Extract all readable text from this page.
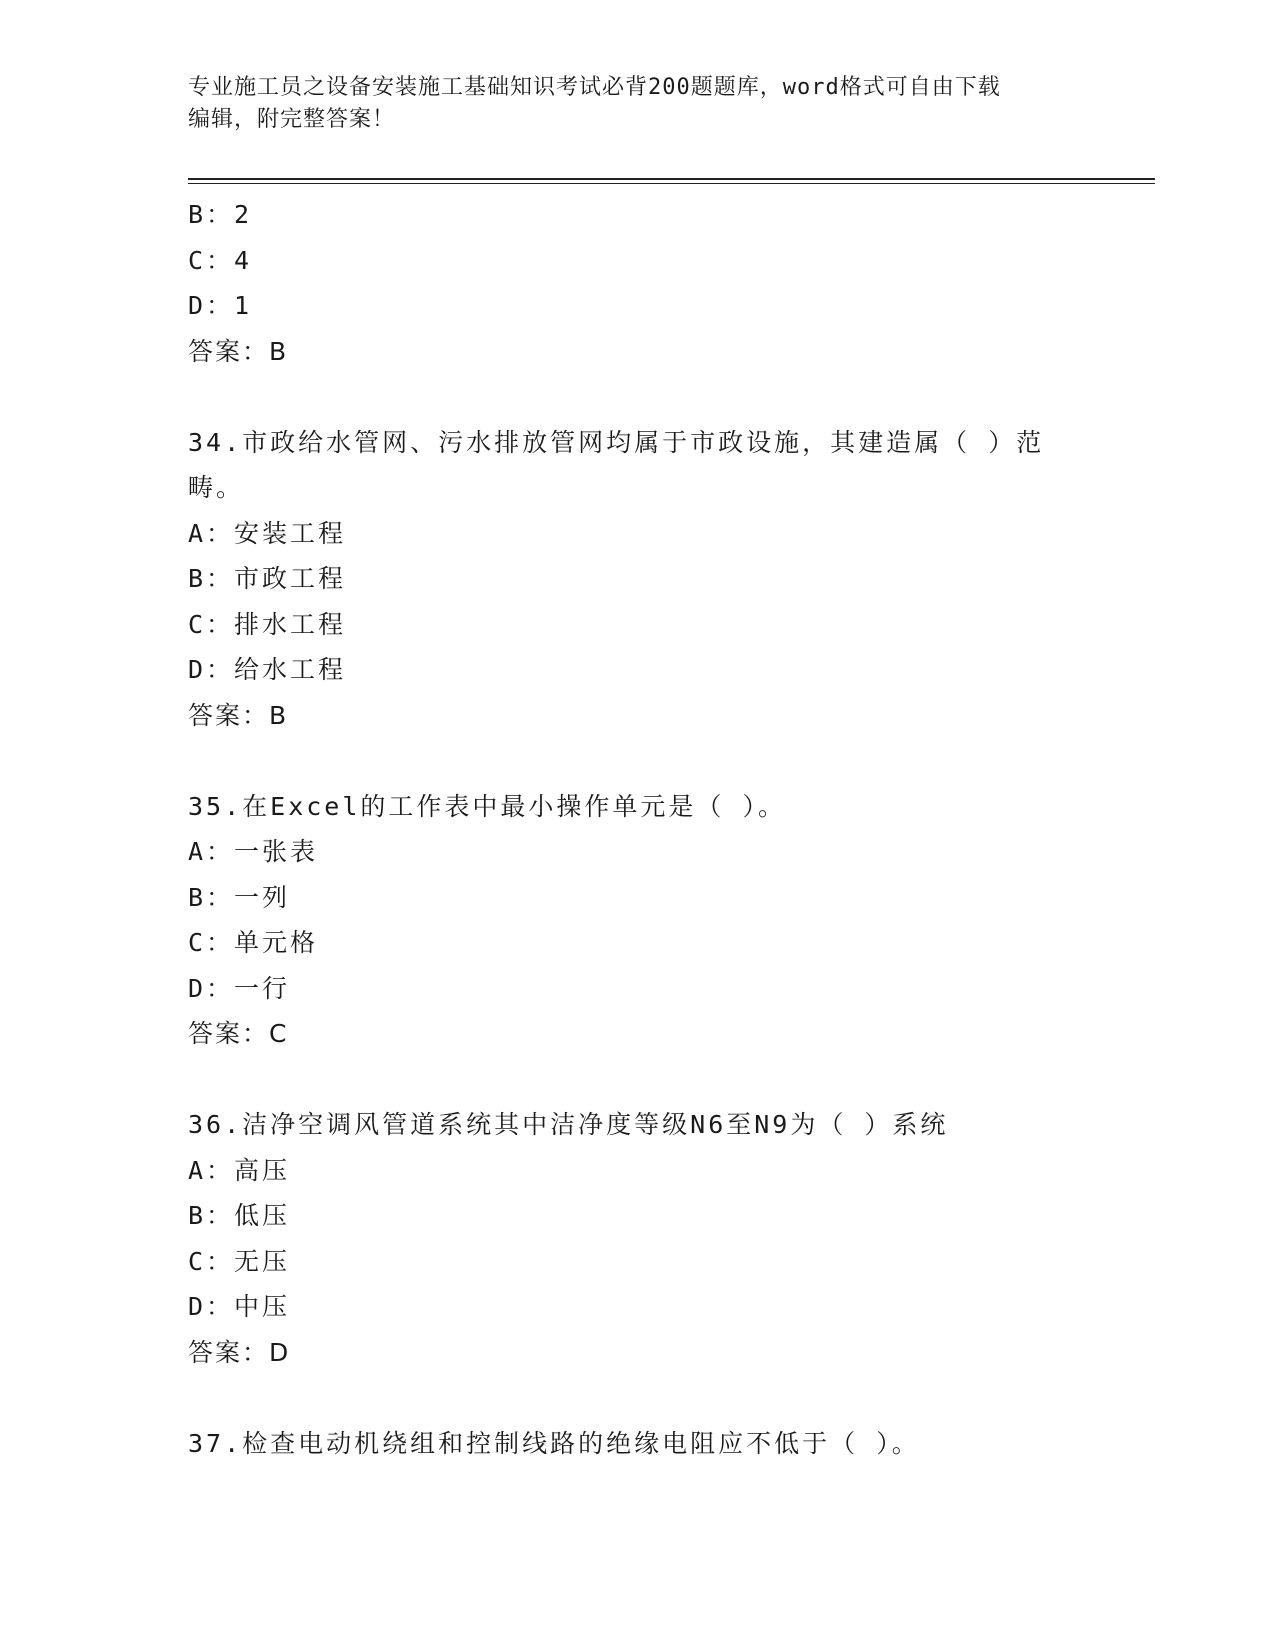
专业施工员之设备安装施工基础知识考试必背200题题库，word格式可自由下载
编辑，附完整答案！
B：2
C：4
D：1
答案：B
34.市政给水管网、污水排放管网均属于市政设施，其建造属（ ）范
畴。
A：安装工程
B：市政工程
C：排水工程
D：给水工程
答案：B
35.在Excel的工作表中最小操作单元是（ ）。
A：一张表
B：一列
C：单元格
D：一行
答案：C
36.洁净空调风管道系统其中洁净度等级N6至N9为（ ）系统
A：高压
B：低压
C：无压
D：中压
答案：D
37.检查电动机绕组和控制线路的绝缘电阻应不低于（ ）。
